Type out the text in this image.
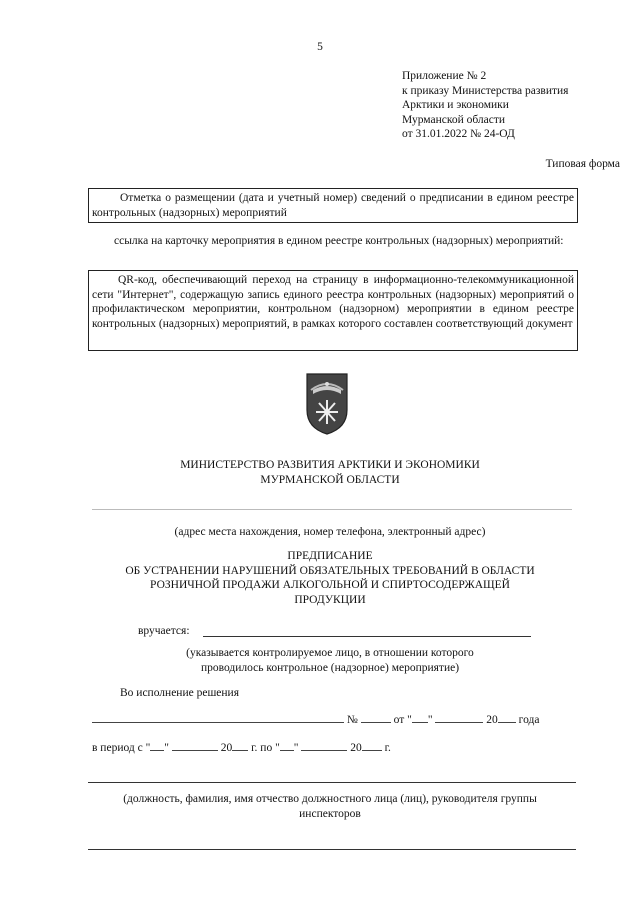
5
Приложение № 2
к приказу Министерства развития
Арктики и экономики
Мурманской области
от 31.01.2022 № 24-ОД
Типовая форма
Отметка о размещении (дата и учетный номер) сведений о предписании в едином реестре контрольных (надзорных) мероприятий
ссылка на карточку мероприятия в едином реестре контрольных (надзорных) мероприятий:
QR-код, обеспечивающий переход на страницу в информационно-телекоммуникационной сети "Интернет", содержащую запись единого реестра контрольных (надзорных) мероприятий о профилактическом мероприятии, контрольном (надзорном) мероприятии в едином реестре контрольных (надзорных) мероприятий, в рамках которого составлен соответствующий документ
МИНИСТЕРСТВО РАЗВИТИЯ АРКТИКИ И ЭКОНОМИКИ
МУРМАНСКОЙ ОБЛАСТИ
(адрес места нахождения, номер телефона, электронный адрес)
ПРЕДПИСАНИЕ
ОБ УСТРАНЕНИИ НАРУШЕНИЙ ОБЯЗАТЕЛЬНЫХ ТРЕБОВАНИЙ В ОБЛАСТИ
РОЗНИЧНОЙ ПРОДАЖИ АЛКОГОЛЬНОЙ И СПИРТОСОДЕРЖАЩЕЙ
ПРОДУКЦИИ
вручается:
(указывается контролируемое лицо, в отношении которого
проводилось контрольное (надзорное) мероприятие)
Во исполнение решения
№	от " "	20 года
в период с " "	20 г. по " "	20 г.
(должность, фамилия, имя отчество должностного лица (лиц), руководителя группы
инспекторов
